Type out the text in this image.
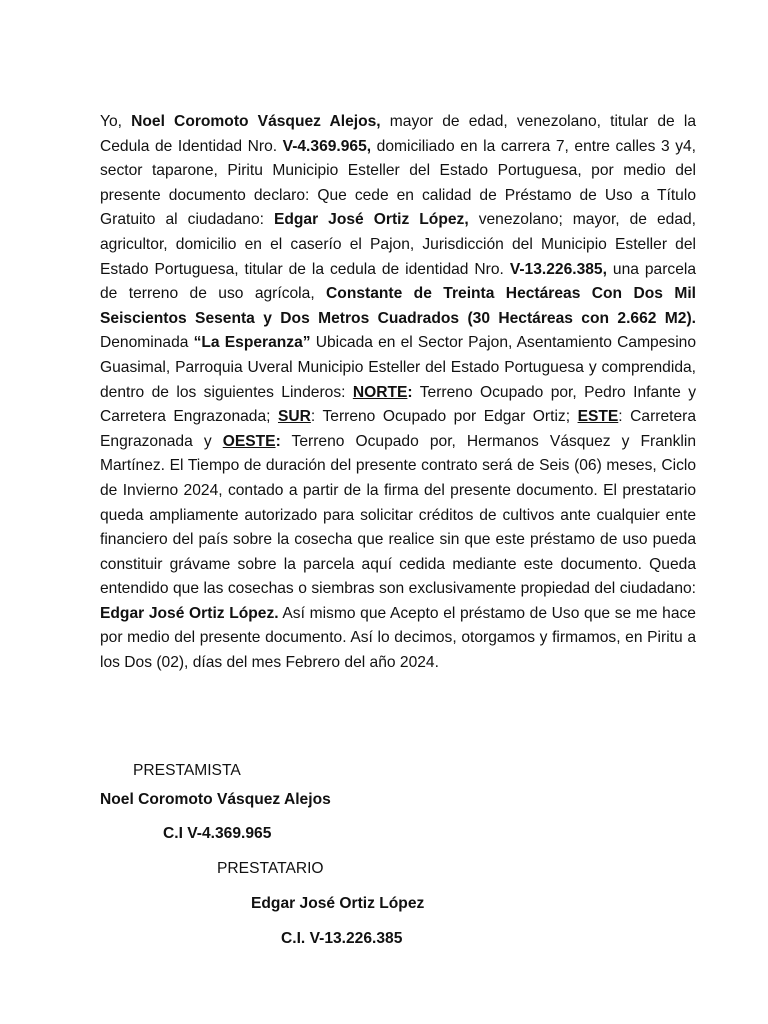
Yo, Noel Coromoto Vásquez Alejos, mayor de edad, venezolano, titular de la Cedula de Identidad Nro. V-4.369.965, domiciliado en la carrera 7, entre calles 3 y4, sector taparone, Piritu Municipio Esteller del Estado Portuguesa, por medio del presente documento declaro: Que cede en calidad de Préstamo de Uso a Título Gratuito al ciudadano: Edgar José Ortiz López, venezolano; mayor, de edad, agricultor, domicilio en el caserío el Pajon, Jurisdicción del Municipio Esteller del Estado Portuguesa, titular de la cedula de identidad Nro. V-13.226.385, una parcela de terreno de uso agrícola, Constante de Treinta Hectáreas Con Dos Mil Seiscientos Sesenta y Dos Metros Cuadrados (30 Hectáreas con 2.662 M2). Denominada “La Esperanza” Ubicada en el Sector Pajon, Asentamiento Campesino Guasimal, Parroquia Uveral Municipio Esteller del Estado Portuguesa y comprendida, dentro de los siguientes Linderos: NORTE: Terreno Ocupado por, Pedro Infante y Carretera Engrazonada; SUR: Terreno Ocupado por Edgar Ortiz; ESTE: Carretera Engrazonada y OESTE: Terreno Ocupado por, Hermanos Vásquez y Franklin Martínez. El Tiempo de duración del presente contrato será de Seis (06) meses, Ciclo de Invierno 2024, contado a partir de la firma del presente documento. El prestatario queda ampliamente autorizado para solicitar créditos de cultivos ante cualquier ente financiero del país sobre la cosecha que realice sin que este préstamo de uso pueda constituir grávame sobre la parcela aquí cedida mediante este documento. Queda entendido que las cosechas o siembras son exclusivamente propiedad del ciudadano: Edgar José Ortiz López. Así mismo que Acepto el préstamo de Uso que se me hace por medio del presente documento. Así lo decimos, otorgamos y firmamos, en Piritu a los Dos (02), días del mes Febrero del año 2024.

PRESTAMISTA

Noel Coromoto Vásquez Alejos

C.I V-4.369.965

PRESTATARIO

Edgar José Ortiz López

C.I. V-13.226.385
